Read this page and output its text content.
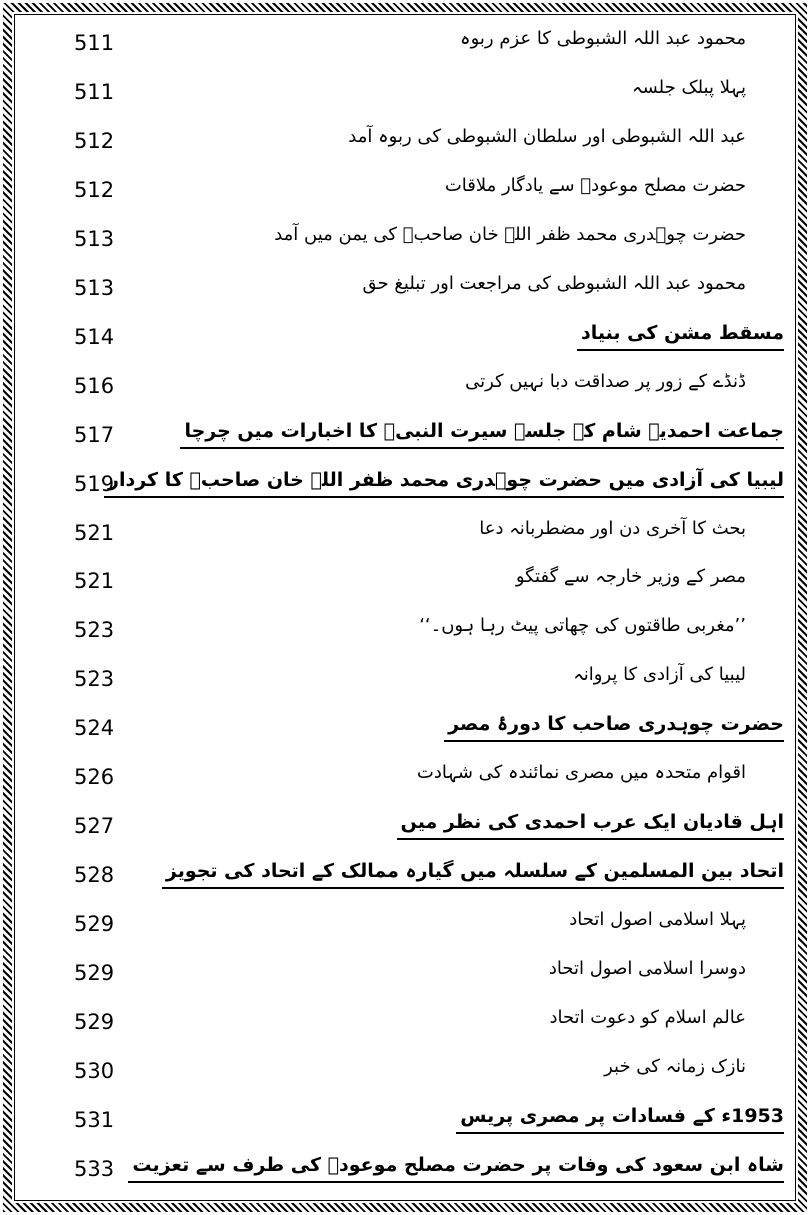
محمود عبد اللہ الشبوطی کا عزم ربوہ
511
پہلا پبلک جلسہ
511
عبد اللہ الشبوطی اور سلطان الشبوطی کی ربوہ آمد
512
حضرت مصلح موعودؓ سے یادگار ملاقات
512
حضرت چوہدری محمد ظفر اللہ خان صاحبؓ کی یمن میں آمد
513
محمود عبد اللہ الشبوطی کی مراجعت اور تبلیغ حق
513
مسقط مشن کی بنیاد
514
ڈنڈے کے زور پر صداقت دبا نہیں کرتی
516
جماعت احمدیہ شام کے جلسہ سیرت النبیؐ کا اخبارات میں چرچا
517
لیبیا کی آزادی میں حضرت چوہدری محمد ظفر اللہ خان صاحبؓ کا کردار
519
بحث کا آخری دن اور مضطربانہ دعا
521
مصر کے وزیر خارجہ سے گفتگو
521
’’مغربی طاقتوں کی چھاتی پیٹ رہا ہوں۔‘‘
523
لیبیا کی آزادی کا پروانہ
523
حضرت چوہدری صاحب کا دورۂ مصر
524
اقوام متحدہ میں مصری نمائندہ کی شہادت
526
اہل قادیان ایک عرب احمدی کی نظر میں
527
اتحاد بین المسلمین کے سلسلہ میں گیارہ ممالک کے اتحاد کی تجویز
528
پہلا اسلامی اصول اتحاد
529
دوسرا اسلامی اصول اتحاد
529
عالم اسلام کو دعوت اتحاد
529
نازک زمانہ کی خبر
530
1953ء کے فسادات پر مصری پریس
531
شاہ ابن سعود کی وفات پر حضرت مصلح موعودؓ کی طرف سے تعزیت
533
